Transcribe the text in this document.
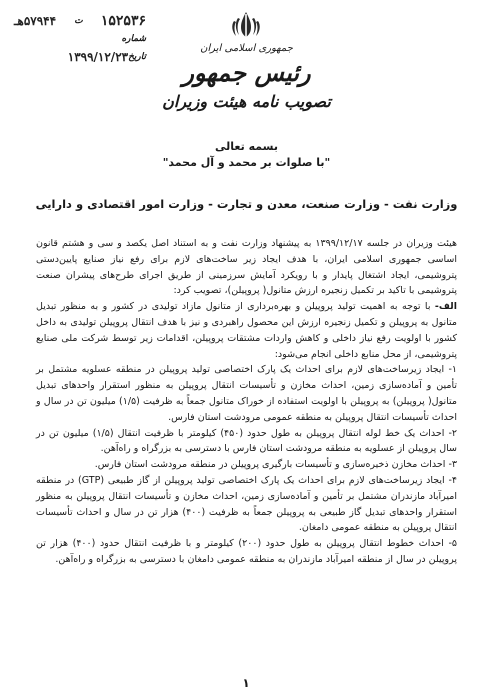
۱۵۲۵۳۶
ت
۵۷۹۴۴هـ
شماره
تاریخ
۱۳۹۹/۱۲/۲۳
جمهوری اسلامی ایران
رئیس جمهور
تصویب نامه هیئت وزیران
بسمه تعالی
"با صلوات بر محمد و آل محمد"
وزارت نفت - وزارت صنعت، معدن و تجارت - وزارت امور اقتصادی و دارایی

هیئت وزیران در جلسه ۱۳۹۹/۱۲/۱۷ به پیشنهاد وزارت نفت و به استناد اصل یکصد و سی و هشتم قانون اساسی جمهوری اسلامی ایران، با هدف ایجاد زیر ساخت‌های لازم برای رفع نیاز صنایع پایین‌دستی پتروشیمی، ایجاد اشتغال پایدار و با رویکرد آمایش سرزمینی از طریق اجرای طرح‌های پیشران صنعت پتروشیمی با تاکید بر تکمیل زنجیره ارزش متانول( پروپیلن)، تصویب کرد:

الف- با توجه به اهمیت تولید پروپیلن و بهره‌برداری از متانول مازاد تولیدی در کشور و به منظور تبدیل متانول به پروپیلن و تکمیل زنجیره ارزش این محصول راهبردی و نیز با هدف انتقال پروپیلن تولیدی به داخل کشور با اولویت رفع نیاز داخلی و کاهش واردات مشتقات پروپیلن، اقدامات زیر توسط شرکت ملی صنایع پتروشیمی، از محل منابع داخلی انجام می‌شود:

۱- ایجاد زیرساخت‌های لازم برای احداث یک پارک اختصاصی تولید پروپیلن در منطقه عسلویه مشتمل بر تأمین و آماده‌سازی زمین، احداث مخازن و تأسیسات انتقال پروپیلن به منظور استقرار واحدهای تبدیل متانول( پروپیلن) به پروپیلن با اولویت استفاده از خوراک متانول جمعاً به ظرفیت (۱/۵) میلیون تن در سال و احداث تأسیسات انتقال پروپیلن به منطقه عمومی مرودشت استان فارس.

۲- احداث یک خط لوله انتقال پروپیلن به طول حدود (۴۵۰) کیلومتر با ظرفیت انتقال (۱/۵) میلیون تن در سال پروپیلن از عسلویه به منطقه مرودشت استان فارس با دسترسی به بزرگراه و راه‌آهن.

۳- احداث مخازن ذخیره‌سازی و تأسیسات بارگیری پروپیلن در منطقه مرودشت استان فارس.

۴- ایجاد زیرساخت‌های لازم برای احداث یک پارک اختصاصی تولید پروپیلن از گاز طبیعی (GTP) در منطقه امیرآباد مازندران مشتمل بر تأمین و آماده‌سازی زمین، احداث مخازن و تأسیسات انتقال پروپیلن به منظور استقرار واحدهای تبدیل گاز طبیعی به پروپیلن جمعاً به ظرفیت (۴۰۰) هزار تن در سال و احداث تأسیسات انتقال پروپیلن به منطقه عمومی دامغان.

۵- احداث خطوط انتقال پروپیلن به طول حدود (۲۰۰) کیلومتر و با ظرفیت انتقال حدود (۴۰۰) هزار تن پروپیلن در سال از منطقه امیرآباد مازندران به منطقه عمومی دامغان با دسترسی به بزرگراه و راه‌آهن.

۱
